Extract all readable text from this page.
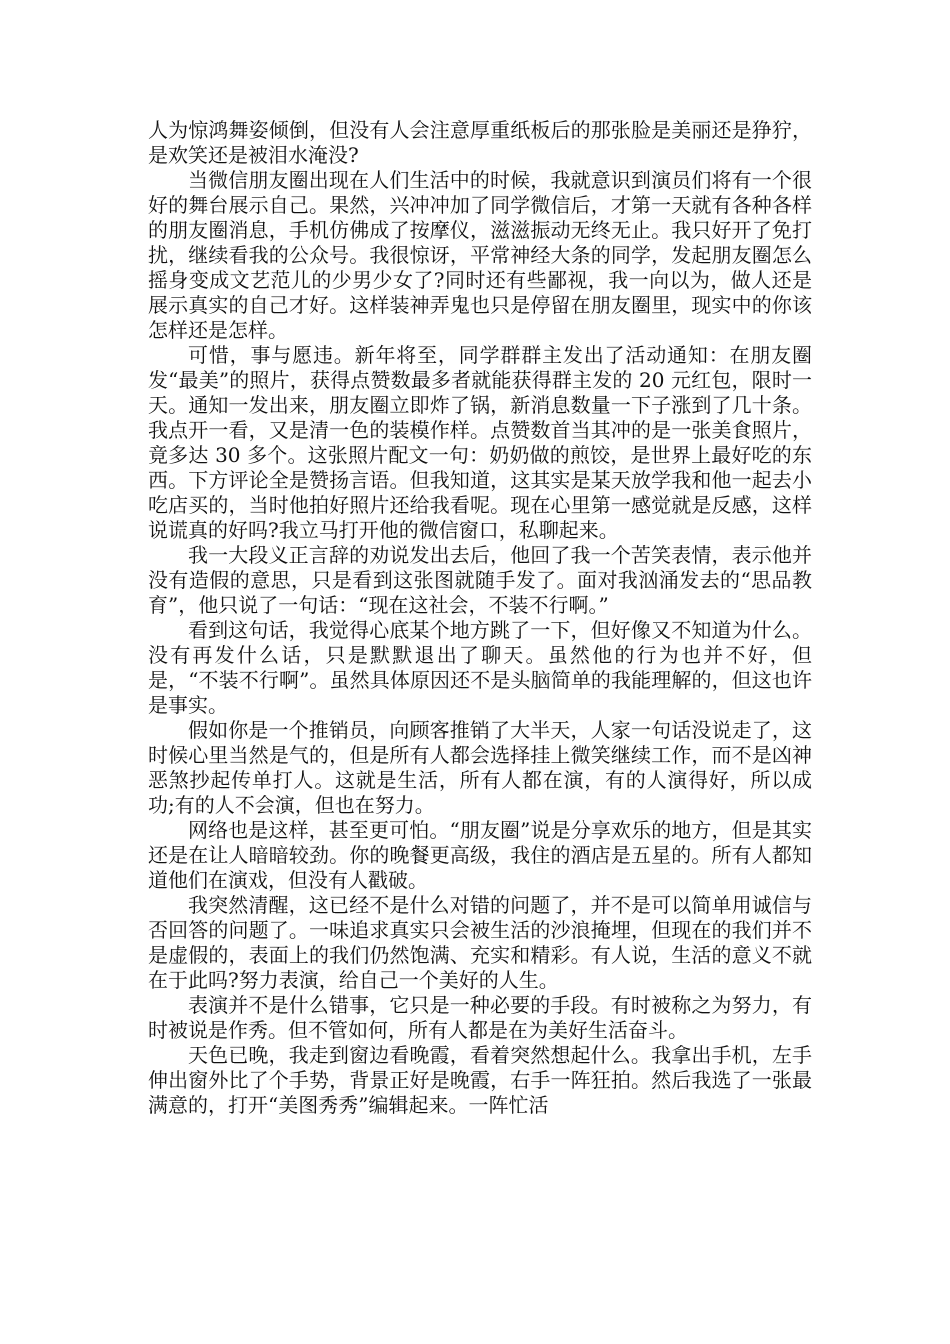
人为惊鸿舞姿倾倒，但没有人会注意厚重纸板后的那张脸是美丽还是狰狞，是欢笑还是被泪水淹没?

当微信朋友圈出现在人们生活中的时候，我就意识到演员们将有一个很好的舞台展示自己。果然，兴冲冲加了同学微信后，才第一天就有各种各样的朋友圈消息，手机仿佛成了按摩仪，滋滋振动无终无止。我只好开了免打扰，继续看我的公众号。我很惊讶，平常神经大条的同学，发起朋友圈怎么摇身变成文艺范儿的少男少女了?同时还有些鄙视，我一向以为，做人还是展示真实的自己才好。这样装神弄鬼也只是停留在朋友圈里，现实中的你该怎样还是怎样。

可惜，事与愿违。新年将至，同学群群主发出了活动通知：在朋友圈发“最美”的照片，获得点赞数最多者就能获得群主发的 20 元红包，限时一天。通知一发出来，朋友圈立即炸了锅，新消息数量一下子涨到了几十条。我点开一看，又是清一色的装模作样。点赞数首当其冲的是一张美食照片，竟多达 30 多个。这张照片配文一句：奶奶做的煎饺，是世界上最好吃的东西。下方评论全是赞扬言语。但我知道，这其实是某天放学我和他一起去小吃店买的，当时他拍好照片还给我看呢。现在心里第一感觉就是反感，这样说谎真的好吗?我立马打开他的微信窗口，私聊起来。

我一大段义正言辞的劝说发出去后，他回了我一个苦笑表情，表示他并没有造假的意思，只是看到这张图就随手发了。面对我汹涌发去的“思品教育”，他只说了一句话：“现在这社会，不装不行啊。”

看到这句话，我觉得心底某个地方跳了一下，但好像又不知道为什么。没有再发什么话，只是默默退出了聊天。虽然他的行为也并不好，但是，“不装不行啊”。虽然具体原因还不是头脑简单的我能理解的，但这也许是事实。

假如你是一个推销员，向顾客推销了大半天，人家一句话没说走了，这时候心里当然是气的，但是所有人都会选择挂上微笑继续工作，而不是凶神恶煞抄起传单打人。这就是生活，所有人都在演，有的人演得好，所以成功;有的人不会演，但也在努力。

网络也是这样，甚至更可怕。“朋友圈”说是分享欢乐的地方，但是其实还是在让人暗暗较劲。你的晚餐更高级，我住的酒店是五星的。所有人都知道他们在演戏，但没有人戳破。

我突然清醒，这已经不是什么对错的问题了，并不是可以简单用诚信与否回答的问题了。一味追求真实只会被生活的沙浪掩埋，但现在的我们并不是虚假的，表面上的我们仍然饱满、充实和精彩。有人说，生活的意义不就在于此吗?努力表演，给自己一个美好的人生。

表演并不是什么错事，它只是一种必要的手段。有时被称之为努力，有时被说是作秀。但不管如何，所有人都是在为美好生活奋斗。

天色已晚，我走到窗边看晚霞，看着突然想起什么。我拿出手机，左手伸出窗外比了个手势，背景正好是晚霞，右手一阵狂拍。然后我选了一张最满意的，打开“美图秀秀”编辑起来。一阵忙活
